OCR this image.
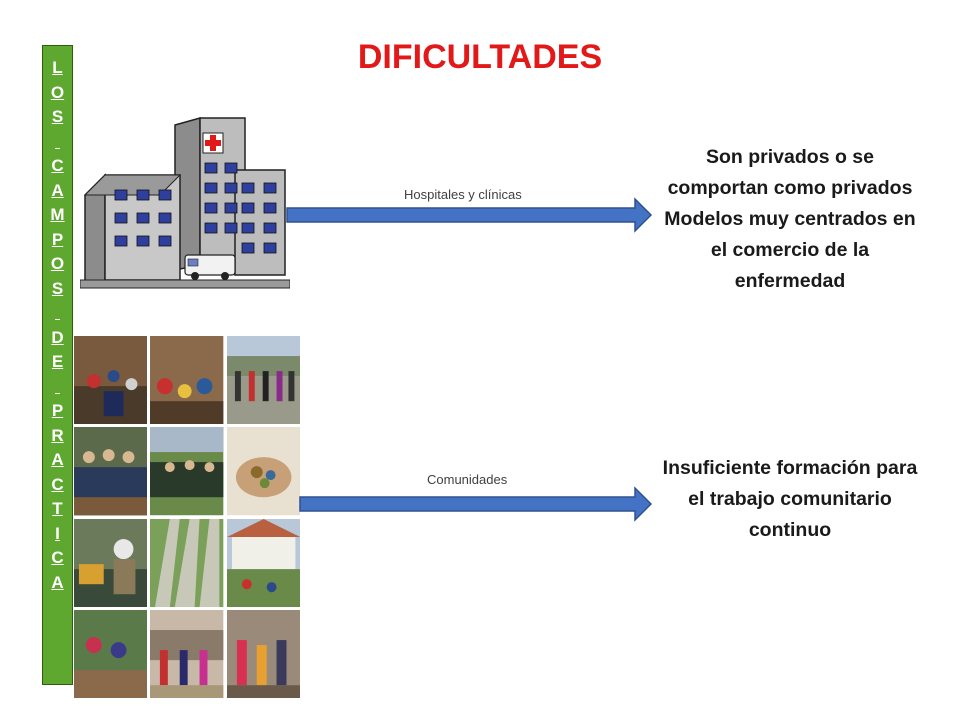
DIFICULTADES
L
O
S

C
A
M
P
O
S

D
E

P
R
A
C
T
I
C
A
Hospitales y clínicas
Comunidades
Son privados o se
comportan como privados
Modelos muy centrados en
el comercio de la
enfermedad
Insuficiente formación para
el trabajo comunitario
continuo
